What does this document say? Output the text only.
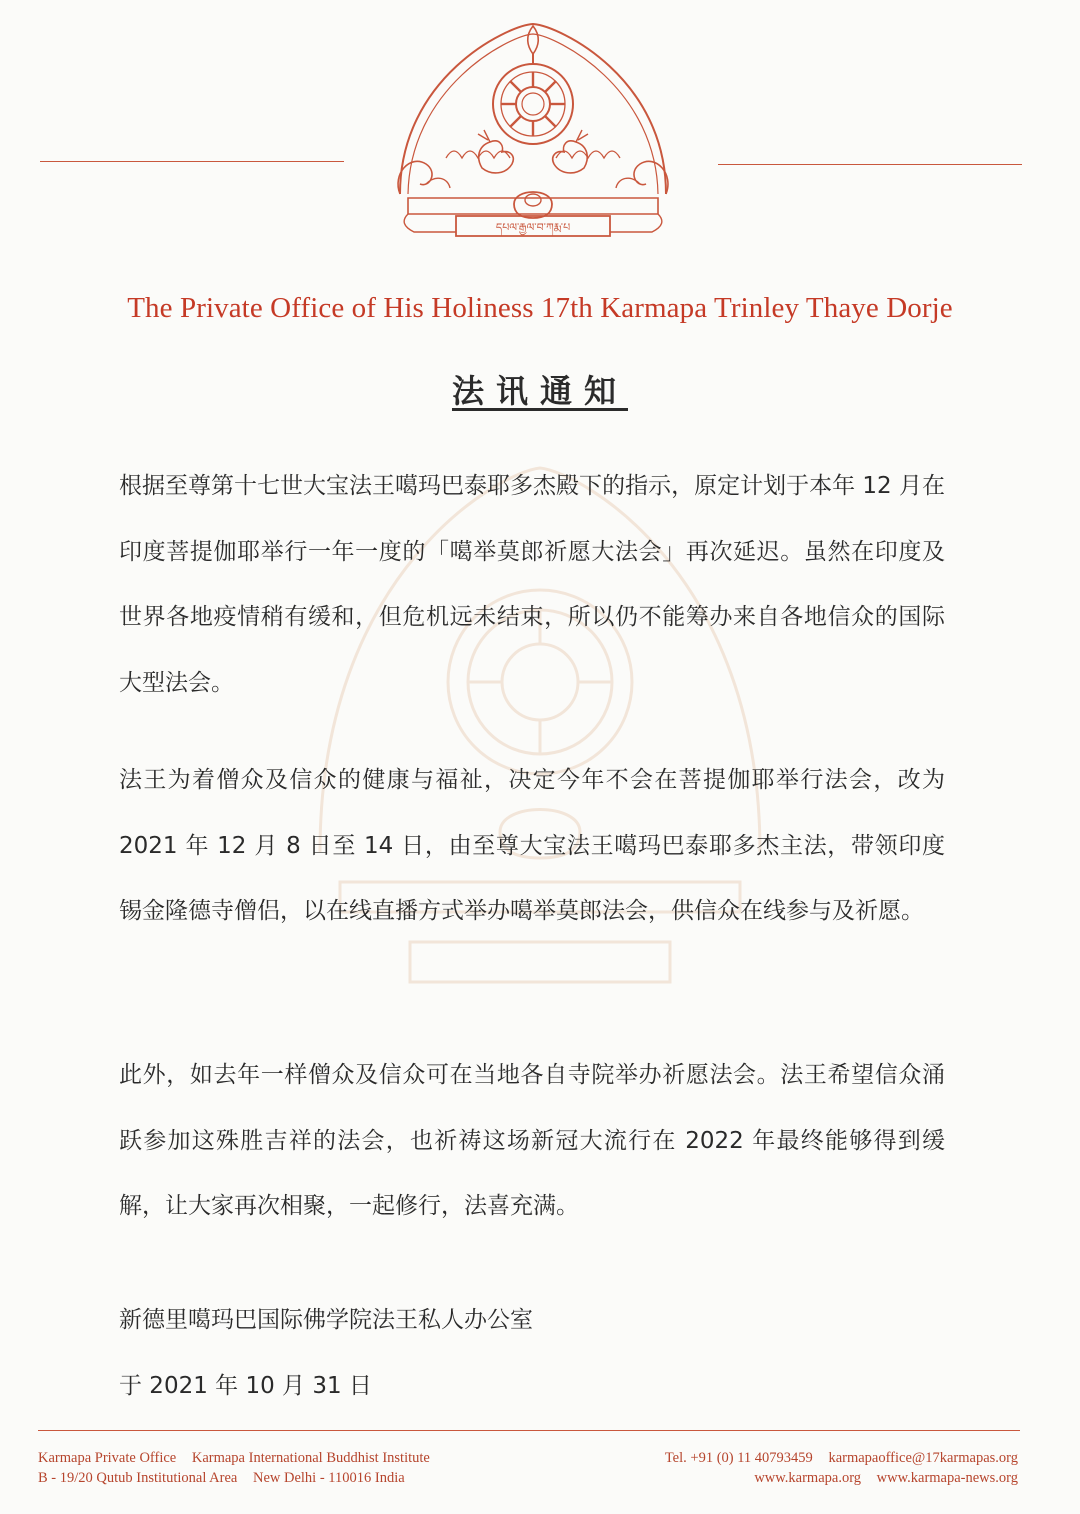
དཔལ་རྒྱལ་བ་ཀརྨ་པ
The Private Office of His Holiness 17th Karmapa Trinley Thaye Dorje
法讯通知

根据至尊第十七世大宝法王噶玛巴泰耶多杰殿下的指示，原定计划于本年 12 月在印度菩提伽耶举行一年一度的「噶举莫郎祈愿大法会」再次延迟。虽然在印度及世界各地疫情稍有缓和，但危机远未结束，所以仍不能筹办来自各地信众的国际大型法会。

法王为着僧众及信众的健康与福祉，决定今年不会在菩提伽耶举行法会，改为 2021 年 12 月 8 日至 14 日，由至尊大宝法王噶玛巴泰耶多杰主法，带领印度锡金隆德寺僧侣，以在线直播方式举办噶举莫郎法会，供信众在线参与及祈愿。

此外，如去年一样僧众及信众可在当地各自寺院举办祈愿法会。法王希望信众涌跃参加这殊胜吉祥的法会，也祈祷这场新冠大流行在 2022 年最终能够得到缓解，让大家再次相聚，一起修行，法喜充满。

新德里噶玛巴国际佛学院法王私人办公室

于 2021 年 10 月 31 日

Karmapa Private Office Karmapa International Buddhist Institute
B - 19/20 Qutub Institutional Area New Delhi - 110016 India
Tel. +91 (0) 11 40793459 karmapaoffice@17karmapas.org
www.karmapa.org www.karmapa-news.org
